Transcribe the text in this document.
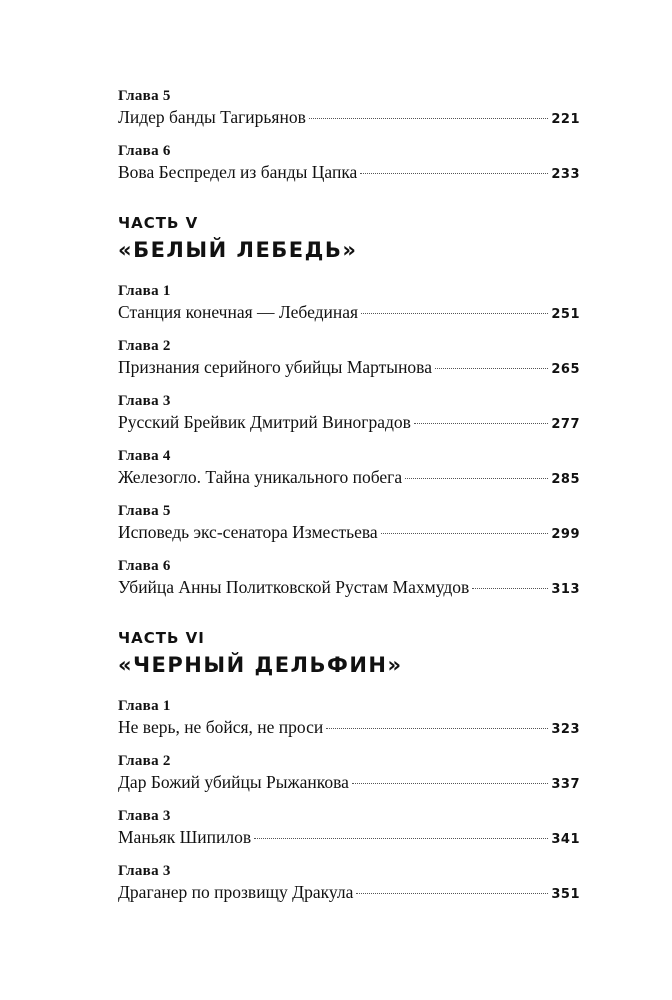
Глава 5
Лидер банды Тагирьянов	221
Глава 6
Вова Беспредел из банды Цапка	233
ЧАСТЬ V
«БЕЛЫЙ ЛЕБЕДЬ»
Глава 1
Станция конечная — Лебединая	251
Глава 2
Признания серийного убийцы Мартынова	265
Глава 3
Русский Брейвик Дмитрий Виноградов	277
Глава 4
Железогло. Тайна уникального побега	285
Глава 5
Исповедь экс-сенатора Изместьева	299
Глава 6
Убийца Анны Политковской Рустам Махмудов	313
ЧАСТЬ VI
«ЧЕРНЫЙ ДЕЛЬФИН»
Глава 1
Не верь, не бойся, не проси	323
Глава 2
Дар Божий убийцы Рыжанкова	337
Глава 3
Маньяк Шипилов	341
Глава 3
Драганер по прозвищу Дракула	351
